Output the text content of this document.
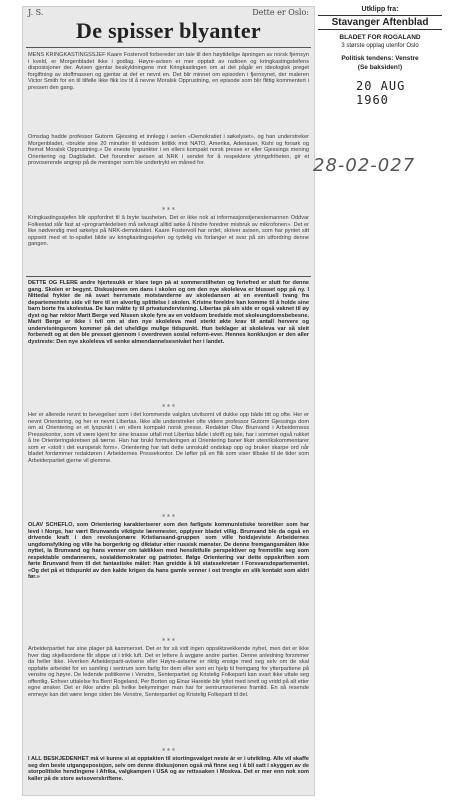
J. S.	Dette er Oslo:
De spisser blyanter
MENS KRINGKASTINGSSJEF Kaare Fostervoll forbereder sin tale til den høytidelige åpningen av norsk fjernsyn i kveld, er Morgenbladet ikke i godlag. Høyre-avisen er mer opptatt av radioen og kringkastingsleifens disposisjoner der. Avisen gjentar beskyldningene mot Kringkastingen om at det pågår en ideologisk preget forgiftning av stoffmassen og gjentar at det er nevnt en. Det blir minnet om episoden i fjernsynet, der maleren Victor Smith for en til tilfelle ikke fikk lov til å nevne Moralsk Opprustning, en episode som blir flittig kommentert i pressen den gang.
Omsdag hadde professor Gutorm Gjessing et innlegg i serien «Demokratiet i søkelyset», og han understreker Morgenbladet, «brukte sine 20 minutter til voldsom kritikk mot NATO, Amerika, Adenauer, Kishi og forsøk og fremst Moralsk Opprustning.» De eneste lyspunkter i en ellers kompakt norsk presse er eller Gjessings mening Orientering og Dagbladet. Det forundrer avisen at NRK i sendet for å respektere ytringsfriheten, gir et provoserende angrep på de meninger som ble undertrykt en måned for.
* * *
Kringkastingssjefen blir oppfordret til å bryte tausheten. Det er ikke nok at informasjonstjenestemannen Oddvar Folkestad slår fast at «programledelsen må selvsagt alltid søke å hindre foredrer misbruk av mikrofonen». Det er like nødvendig med søkelys på NRK-demokratiet. Kaare Fostervoll har ordet, skriver avisen, som har pyntet sitt oppsett med et to-spaltet bilde av kringkastingssjefen og tydelig vis forlanger et svar på sin utfordring denne gangen.
DETTE OG FLERE andre hjertesukk er klare tegn på at sommerstilheten og feriefred er slutt for denne gang. Skolen er begynt. Diskusjonen om dans i skolen og om den nye skoleleva er blusset opp på ny. I Nittedal frykter de nå svart herrsmate motstanderne av skoledansen at en eventuell tvang fra departementets side vil føre til en alvorlig splittelse i skolen. Kristne foreldre kan komme til å holde sine barn borte fra skolestua. De kan måtte ty til privatundervisning. Libertas på sin side er også vaknet til øy dyst og har rektor Marit Berge ved Nissen skole fyre av en voldsom bredside mot skoleungdomsbebesne. Marit Berge er ikke i tvil om at den nye skoleleva med sterkt økte krav til antall hervere og undervisningsrom kommer på det uheldige mulige tidspunkt. Hun beklager at skoleleva var så sleit forberedt og at den ble presset gjennom i overdreven sosial reform-ever. Hennes konklusjon er den aller dystreste: Den nye skoleleva vil senke almendannelsesnivået her i landet.
* * *
Her er allerede nevnt to bevegelser som i det kommende valgårs utvilsomt vil dukke opp både titt og ofte. Her er nevnt Orientering, og her er nevnt Libertas. Ikke alle understreker ofte videre professor Gutorm Gjessings dom om at Orientering er et lyspunkt i en ellers kompakt norsk presse. Redaktør Olav Brunvand i Arbeiderness Pressekontor, som vil være kjent for sine knasse utfall mot Libertas både i skrift og tale, har i sommer også rukket å tre Orienteringskretsen på tærne. Han har brukt formuleringen at Orientering baner likør utenrikskommentarer som er «stolt i det europeisk form». Orientering har tatt dette unnskuld ondskap opp og bruker skarpe ord når bladet fordømmer redaktøren i Arbeidernes Pressekontor. De løfter på en flik som viser tilbake til de tider som Arbeiderpartiet gjerne vil glemme.
* * *
OLAV SCHEFLO, som Orientering karakteriserer som den farligste kommunistiske teoretiker som har levd i Norge, har vært Brunvands viktigste læremester, opplyser bladet villig. Brunvand ble da også en drivende kraft i den revolusjonære Kristiansand-gruppen som ville hoidsjeviste Arbeidernes ungdomsfylking og ville ha borgerkrig og diktatur etter russisk mønster. De denne fremgangsmåten ikke nyttet, la Brunvand og hans venner om taktikken med hensiktfulle perspektiver og fremstille seg som respektable omdanneres, sosialdemokrater og patrioter. Ifølge Orientering var dette oppskriften som førte Brunvand frem til det fantastiske målet: Han greidde å bli statssekretær i Forsvarsdepartementet. «Og det på et tidspunkt av den kalde krigen da hans gamle venner i ost trengte en slik kontakt som aldri før.»
* * *
Arbeiderpartiet har sine plager på kammerset. Det er for så vidt ingen oppsiktsvekkende nyhet, men det er ikke hver dag skjellsordene får slippe ut i trikk luft. Det er lettere å avgjøre andre partier. Denne anledning forsmmer da heller ikke. Hverken Arbeiderparti-avisene eller Høyre-avisene er riktig ensige med seg selv om de skal oppfatte arbeidet for en samling i sentrum som farlig for dem eller som en hjelp til fremgang for ytterpartiene på venstre og høyre. De ledende politikerne i Venstre, Senterpartiet og Kristelig Folkeparti kan svart ikke uttale seg offentlig. Enhver uttalelse fra Bent Rogeland, Per Borten og Einar Hareide blir lyttet med ivrett og vridd på alt etter egne ønsker. Det er ikke andre på hvilke bekymringer man har for sentrumsorienes framtid. En så resende enmeye kan det være lenge siden ble Venstre, Senterpartiet og Kristelig Folkeparti til del.
* * *
I ALL BESKJEDENHET må vi kunne si at opptakten til stortingsvalget neste år er i utvikling. Alle vil skaffe seg den beste utgangsposisjon, selv om denne diskusjonen også må finne seg i å bli satt i skyggen av de storpolitiske hendingene i Afrika, valgkampen i USA og av rettssaken i Moskva. Det er mer enn nok som kaller på de store avisoverskriftene.
Utklipp fra:
Stavanger Aftenblad
BLADET FOR ROGALAND
3 største opplag utenfor Oslo
Politisk tendens: Venstre
(Se baksiden!)
20 AUG 1960
28-02-027
